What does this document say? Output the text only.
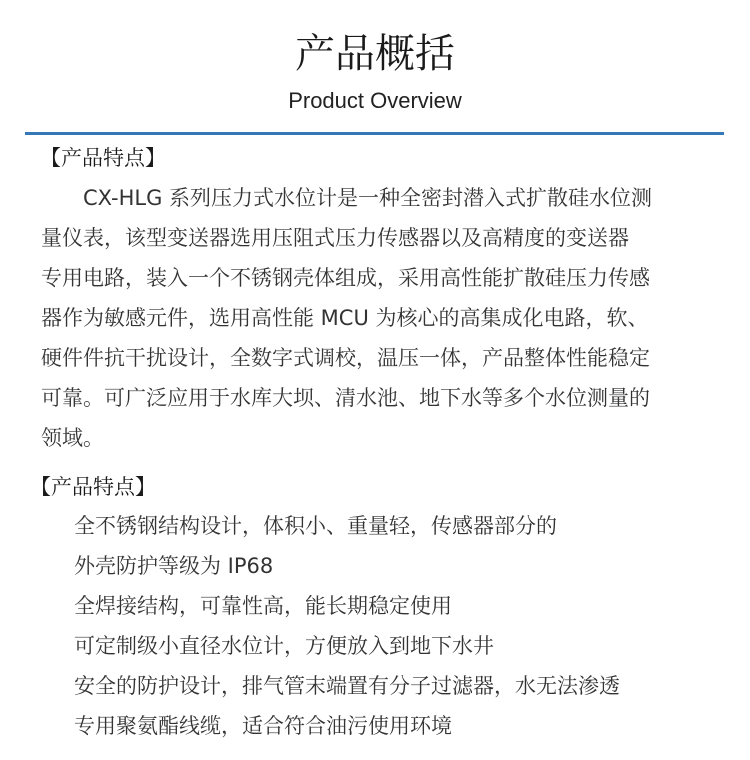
产品概括
Product Overview
【产品特点】
　　CX-HLG 系列压力式水位计是一种全密封潜入式扩散硅水位测
量仪表，该型变送器选用压阻式压力传感器以及高精度的变送器
专用电路，装入一个不锈钢壳体组成，采用高性能扩散硅压力传感
器作为敏感元件，选用高性能 MCU 为核心的高集成化电路，软、
硬件件抗干扰设计，全数字式调校，温压一体，产品整体性能稳定
可靠。可广泛应用于水库大坝、清水池、地下水等多个水位测量的
领域。
【产品特点】
全不锈钢结构设计，体积小、重量轻，传感器部分的
外壳防护等级为 IP68
全焊接结构，可靠性高，能长期稳定使用
可定制级小直径水位计，方便放入到地下水井
安全的防护设计，排气管末端置有分子过滤器，水无法渗透
专用聚氨酯线缆，适合符合油污使用环境
